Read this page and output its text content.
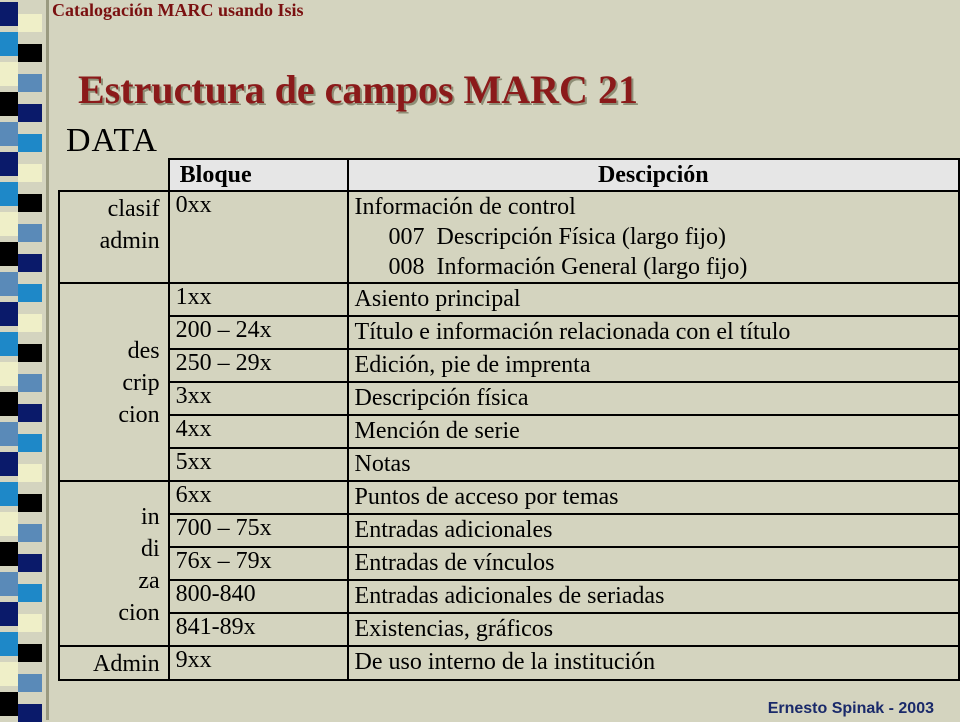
Catalogación MARC usando Isis
Estructura de campos MARC 21
DATA
	Bloque	Descipción

clasif
admin	0xx	Información de control
007  Descripción Física (largo fijo)
008  Información General (largo fijo)

des
crip
cion	1xx	Asiento principal

	200 – 24x	Título e información relacionada con el título

	250 – 29x	Edición, pie de imprenta

	3xx	Descripción física

	4xx	Mención de serie

	5xx	Notas

in
di
za
cion	6xx	Puntos de acceso por temas

	700 – 75x	Entradas adicionales

	76x – 79x	Entradas de vínculos

	800-840	Entradas adicionales de seriadas

	841-89x	Existencias, gráficos

Admin	9xx	De uso interno de la institución
Ernesto Spinak - 2003
